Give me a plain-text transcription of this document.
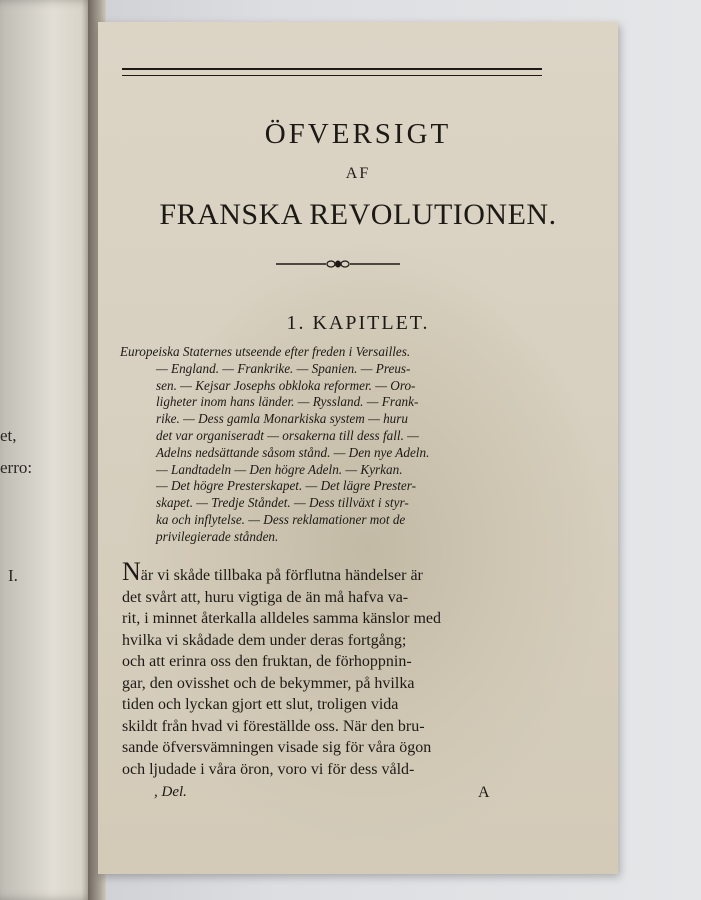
et,
erro:
I.
ÖFVERSIGT
AF
FRANSKA REVOLUTIONEN.
1. KAPITLET.
Europeiska Staternes utseende efter freden i Versailles.
— England. — Frankrike. — Spanien. — Preus-
sen. — Kejsar Josephs obkloka reformer. — Oro-
ligheter inom hans länder. — Ryssland. — Frank-
rike. — Dess gamla Monarkiska system — huru
det var organiseradt — orsakerna till dess fall. —
Adelns nedsättande såsom stånd. — Den nye Adeln.
— Landtadeln — Den högre Adeln. — Kyrkan.
— Det högre Presterskapet. — Det lägre Prester-
skapet. — Tredje Ståndet. — Dess tillväxt i styr-
ka och inflytelse. — Dess reklamationer mot de
privilegierade stånden.
När vi skåde tillbaka på förflutna händelser är
det svårt att, huru vigtiga de än må hafva va-
rit, i minnet återkalla alldeles samma känslor med
hvilka vi skådade dem under deras fortgång;
och att erinra oss den fruktan, de förhoppnin-
gar, den ovisshet och de bekymmer, på hvilka
tiden och lyckan gjort ett slut, troligen vida
skildt från hvad vi föreställde oss. När den bru-
sande öfversvämningen visade sig för våra ögon
och ljudade i våra öron, voro vi för dess våld-
, Del.	A
